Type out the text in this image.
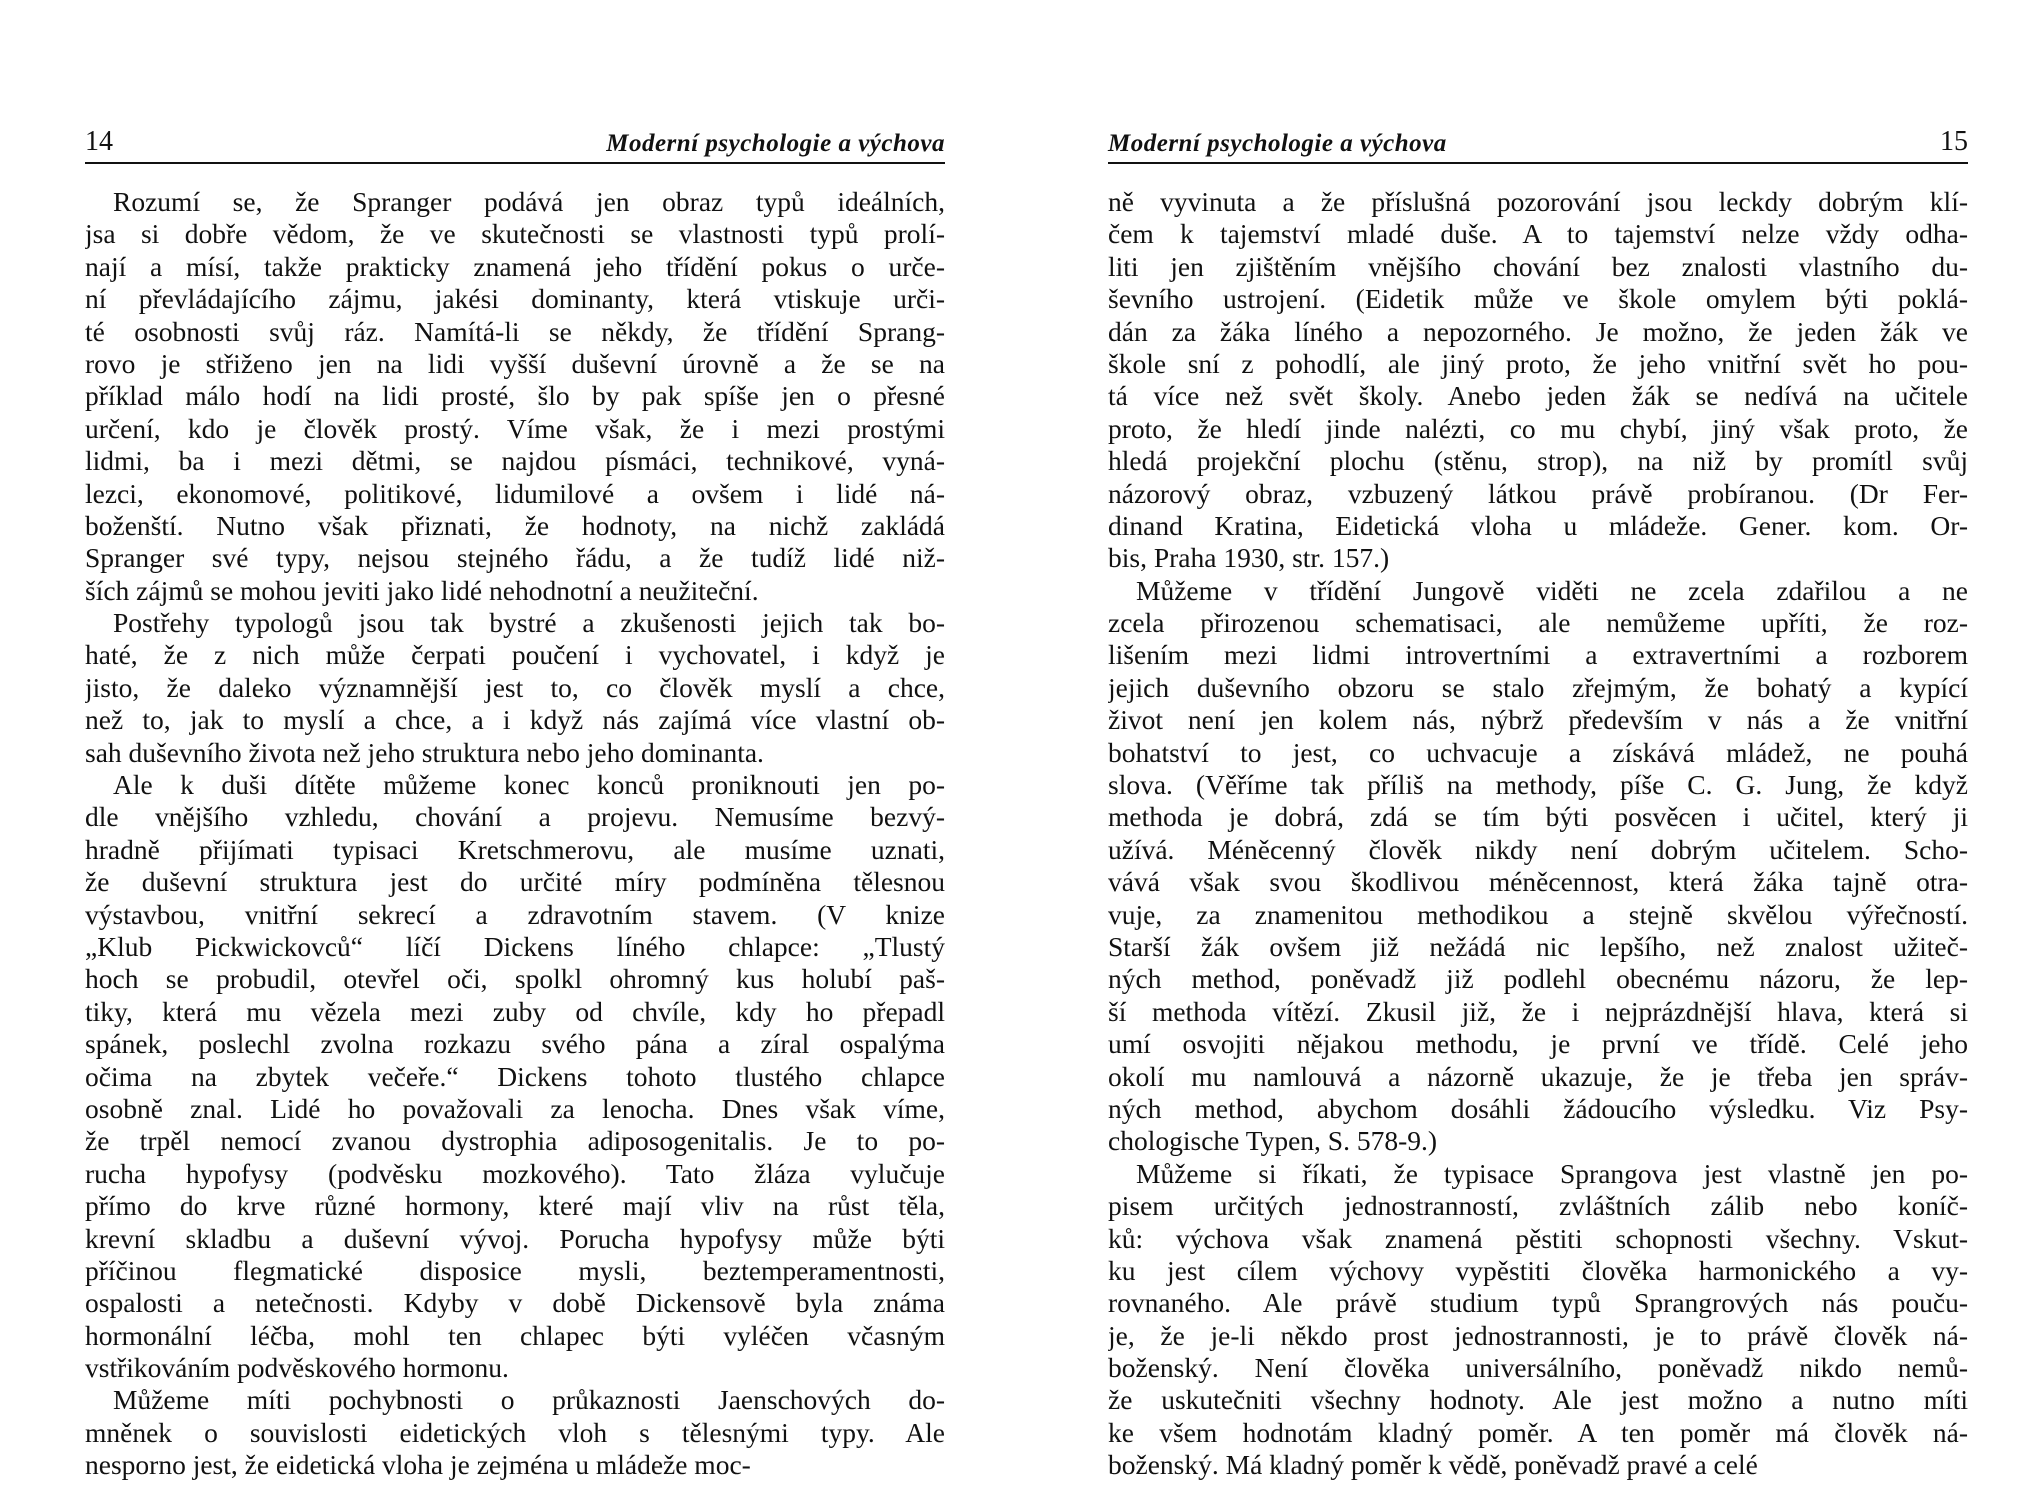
14	Moderní psychologie a výchova
Rozumí se, že Spranger podává jen obraz typů ideálních,
jsa si dobře vědom, že ve skutečnosti se vlastnosti typů prolí-
nají a mísí, takže prakticky znamená jeho třídění pokus o urče-
ní převládajícího zájmu, jakési dominanty, která vtiskuje urči-
té osobnosti svůj ráz. Namítá-li se někdy, že třídění Sprang-
rovo je střiženo jen na lidi vyšší duševní úrovně a že se na
příklad málo hodí na lidi prosté, šlo by pak spíše jen o přesné
určení, kdo je člověk prostý. Víme však, že i mezi prostými
lidmi, ba i mezi dětmi, se najdou písmáci, technikové, vyná-
lezci, ekonomové, politikové, lidumilové a ovšem i lidé ná-
boženští. Nutno však přiznati, že hodnoty, na nichž zakládá
Spranger své typy, nejsou stejného řádu, a že tudíž lidé niž-
ších zájmů se mohou jeviti jako lidé nehodnotní a neužiteční.
Postřehy typologů jsou tak bystré a zkušenosti jejich tak bo-
haté, že z nich může čerpati poučení i vychovatel, i když je
jisto, že daleko významnější jest to, co člověk myslí a chce,
než to, jak to myslí a chce, a i když nás zajímá více vlastní ob-
sah duševního života než jeho struktura nebo jeho dominanta.
Ale k duši dítěte můžeme konec konců proniknouti jen po-
dle vnějšího vzhledu, chování a projevu. Nemusíme bezvý-
hradně přijímati typisaci Kretschmerovu, ale musíme uznati,
že duševní struktura jest do určité míry podmíněna tělesnou
výstavbou, vnitřní sekrecí a zdravotním stavem. (V knize
„Klub Pickwickovců“ líčí Dickens líného chlapce: „Tlustý
hoch se probudil, otevřel oči, spolkl ohromný kus holubí paš-
tiky, která mu vězela mezi zuby od chvíle, kdy ho přepadl
spánek, poslechl zvolna rozkazu svého pána a zíral ospalýma
očima na zbytek večeře.“ Dickens tohoto tlustého chlapce
osobně znal. Lidé ho považovali za lenocha. Dnes však víme,
že trpěl nemocí zvanou dystrophia adiposogenitalis. Je to po-
rucha hypofysy (podvěsku mozkového). Tato žláza vylučuje
přímo do krve různé hormony, které mají vliv na růst těla,
krevní skladbu a duševní vývoj. Porucha hypofysy může býti
příčinou flegmatické disposice mysli, beztemperamentnosti,
ospalosti a netečnosti. Kdyby v době Dickensově byla známa
hormonální léčba, mohl ten chlapec býti vyléčen včasným
vstřikováním podvěskového hormonu.
Můžeme míti pochybnosti o průkaznosti Jaenschových do-
mněnek o souvislosti eidetických vloh s tělesnými typy. Ale
nesporno jest, že eidetická vloha je zejména u mládeže moc-
Moderní psychologie a výchova	15
ně vyvinuta a že příslušná pozorování jsou leckdy dobrým klí-
čem k tajemství mladé duše. A to tajemství nelze vždy odha-
liti jen zjištěním vnějšího chování bez znalosti vlastního du-
ševního ustrojení. (Eidetik může ve škole omylem býti poklá-
dán za žáka líného a nepozorného. Je možno, že jeden žák ve
škole sní z pohodlí, ale jiný proto, že jeho vnitřní svět ho pou-
tá více než svět školy. Anebo jeden žák se nedívá na učitele
proto, že hledí jinde nalézti, co mu chybí, jiný však proto, že
hledá projekční plochu (stěnu, strop), na niž by promítl svůj
názorový obraz, vzbuzený látkou právě probíranou. (Dr Fer-
dinand Kratina, Eidetická vloha u mládeže. Gener. kom. Or-
bis, Praha 1930, str. 157.)
Můžeme v třídění Jungově viděti ne zcela zdařilou a ne
zcela přirozenou schematisaci, ale nemůžeme upříti, že roz-
lišením mezi lidmi introvertními a extravertními a rozborem
jejich duševního obzoru se stalo zřejmým, že bohatý a kypící
život není jen kolem nás, nýbrž především v nás a že vnitřní
bohatství to jest, co uchvacuje a získává mládež, ne pouhá
slova. (Věříme tak příliš na methody, píše C. G. Jung, že když
methoda je dobrá, zdá se tím býti posvěcen i učitel, který ji
užívá. Méněcenný člověk nikdy není dobrým učitelem. Scho-
vává však svou škodlivou méněcennost, která žáka tajně otra-
vuje, za znamenitou methodikou a stejně skvělou výřečností.
Starší žák ovšem již nežádá nic lepšího, než znalost užiteč-
ných method, poněvadž již podlehl obecnému názoru, že lep-
ší methoda vítězí. Zkusil již, že i nejprázdnější hlava, která si
umí osvojiti nějakou methodu, je první ve třídě. Celé jeho
okolí mu namlouvá a názorně ukazuje, že je třeba jen správ-
ných method, abychom dosáhli žádoucího výsledku. Viz Psy-
chologische Typen, S. 578-9.)
Můžeme si říkati, že typisace Sprangova jest vlastně jen po-
pisem určitých jednostranností, zvláštních zálib nebo koníč-
ků: výchova však znamená pěstiti schopnosti všechny. Vskut-
ku jest cílem výchovy vypěstiti člověka harmonického a vy-
rovnaného. Ale právě studium typů Sprangrových nás pouču-
je, že je-li někdo prost jednostrannosti, je to právě člověk ná-
boženský. Není člověka universálního, poněvadž nikdo nemů-
že uskutečniti všechny hodnoty. Ale jest možno a nutno míti
ke všem hodnotám kladný poměr. A ten poměr má člověk ná-
boženský. Má kladný poměr k vědě, poněvadž pravé a celé
